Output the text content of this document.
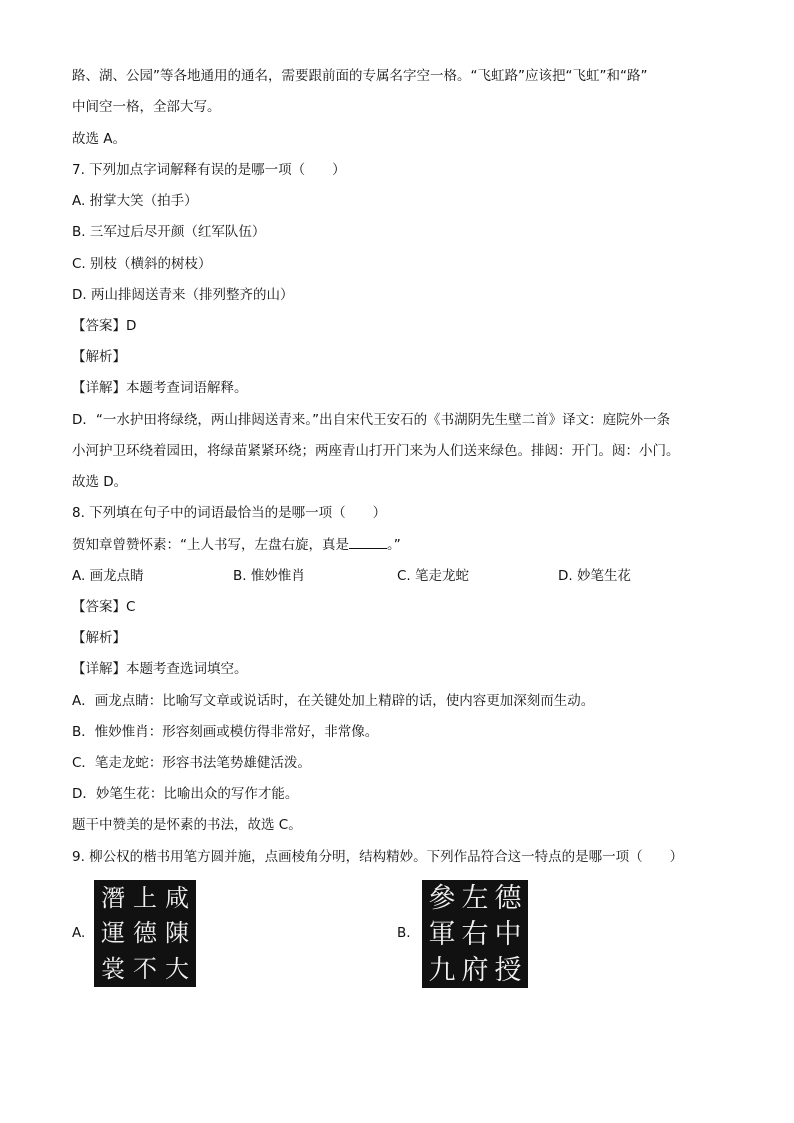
路、湖、公园”等各地通用的通名，需要跟前面的专属名字空一格。“飞虹路”应该把“飞虹”和“路”
中间空一格，全部大写。
故选 A。
7. 下列加点字词解释有误的是哪一项（　　）
A. 拊掌大笑（拍手）
B. 三军过后尽开颜（红军队伍）
C. 别枝（横斜的树枝）
D. 两山排闼送青来（排列整齐的山）
【答案】D
【解析】
【详解】本题考查词语解释。
D．“一水护田将绿绕，两山排闼送青来。”出自宋代王安石的《书湖阴先生壁二首》译文：庭院外一条
小河护卫环绕着园田，将绿苗紧紧环绕；两座青山打开门来为人们送来绿色。排闼：开门。闼：小门。
故选 D。
8. 下列填在句子中的词语最恰当的是哪一项（　　）
贺知章曾赞怀素：“上人书写，左盘右旋，真是	。”
A. 画龙点睛	B. 惟妙惟肖	C. 笔走龙蛇	D. 妙笔生花
【答案】C
【解析】
【详解】本题考查选词填空。
A．画龙点睛：比喻写文章或说话时，在关键处加上精辟的话，使内容更加深刻而生动。
B．惟妙惟肖：形容刻画或模仿得非常好，非常像。
C．笔走龙蛇：形容书法笔势雄健活泼。
D．妙笔生花：比喻出众的写作才能。
题干中赞美的是怀素的书法，故选 C。
9. 柳公权的楷书用笔方圆并施，点画棱角分明，结构精妙。下列作品符合这一特点的是哪一项（　　）
A.
咸
陳
大
上
德
不
潛
運
裳
B.
德
中
授
左
右
府
參
軍
九
